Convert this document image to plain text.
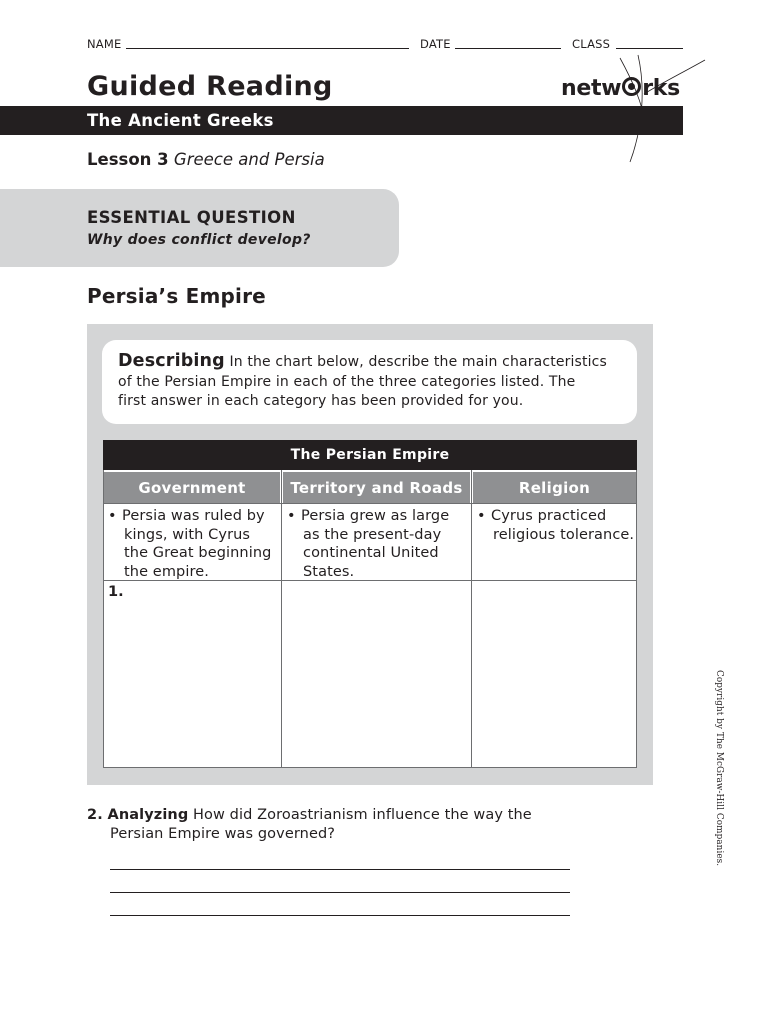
NAME	DATE	CLASS
Guided Reading	netw rks
The Ancient Greeks
Lesson 3 Greece and Persia
ESSENTIAL QUESTION
Why does conflict develop?
Persia’s Empire
Describing In the chart below, describe the main characteristics
of the Persian Empire in each of the three categories listed. The
first answer in each category has been provided for you.
The Persian Empire
Government	Territory and Roads	Religion
• Persia was ruled by
kings, with Cyrus
the Great beginning
the empire.
• Persia grew as large
as the present-day
continental United
States.
• Cyrus practiced
religious tolerance.
1.
2. Analyzing How did Zoroastrianism influence the way the
Persian Empire was governed?	Copyright by The McGraw-Hill Companies.
